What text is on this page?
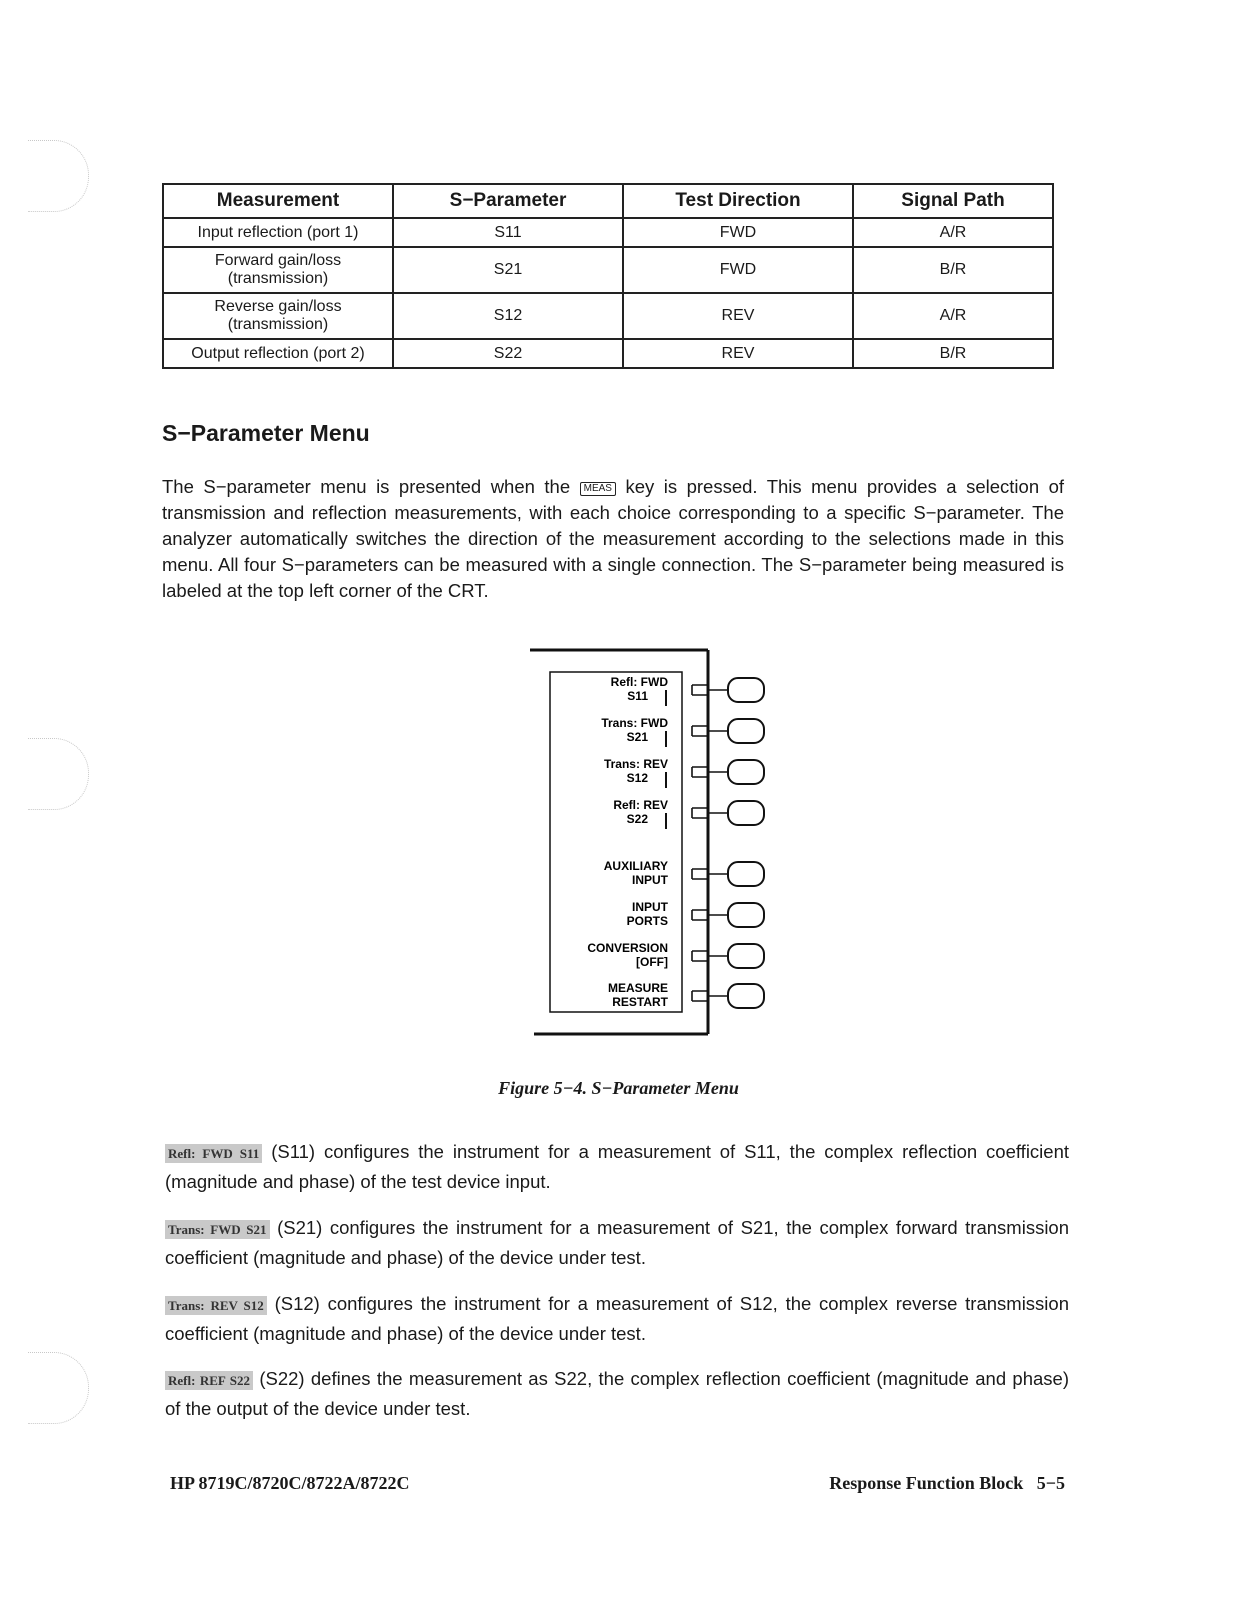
Measurement	S−Parameter	Test Direction	Signal Path
Input reflection (port 1)	S11	FWD	A/R
Forward gain/loss
(transmission)	S21	FWD	B/R
Reverse gain/loss
(transmission)	S12	REV	A/R
Output reflection (port 2)	S22	REV	B/R
S−Parameter Menu

The S−parameter menu is presented when the MEAS key is pressed. This menu provides a selection of transmission and reflection measurements, with each choice corresponding to a specific S−parameter. The analyzer automatically switches the direction of the measurement according to the selections made in this menu. All four S−parameters can be measured with a single connection. The S−parameter being measured is labeled at the top left corner of the CRT.

Refl: FWD
S11
Trans: FWD
S21
Trans: REV
S12
Refl: REV
S22
AUXILIARY
INPUT
INPUT
PORTS
CONVERSION
[OFF]
MEASURE
RESTART
Figure 5−4. S−Parameter Menu

Refl: FWD S11 (S11) configures the instrument for a measurement of S11, the complex reflection coefficient (magnitude and phase) of the test device input.

Trans: FWD S21 (S21) configures the instrument for a measurement of S21, the complex forward transmission coefficient (magnitude and phase) of the device under test.

Trans: REV S12 (S12) configures the instrument for a measurement of S12, the complex reverse transmission coefficient (magnitude and phase) of the device under test.

Refl: REF S22 (S22) defines the measurement as S22, the complex reflection coefficient (magnitude and phase) of the output of the device under test.

HP 8719C/8720C/8722A/8722C	Response Function Block   5−5
